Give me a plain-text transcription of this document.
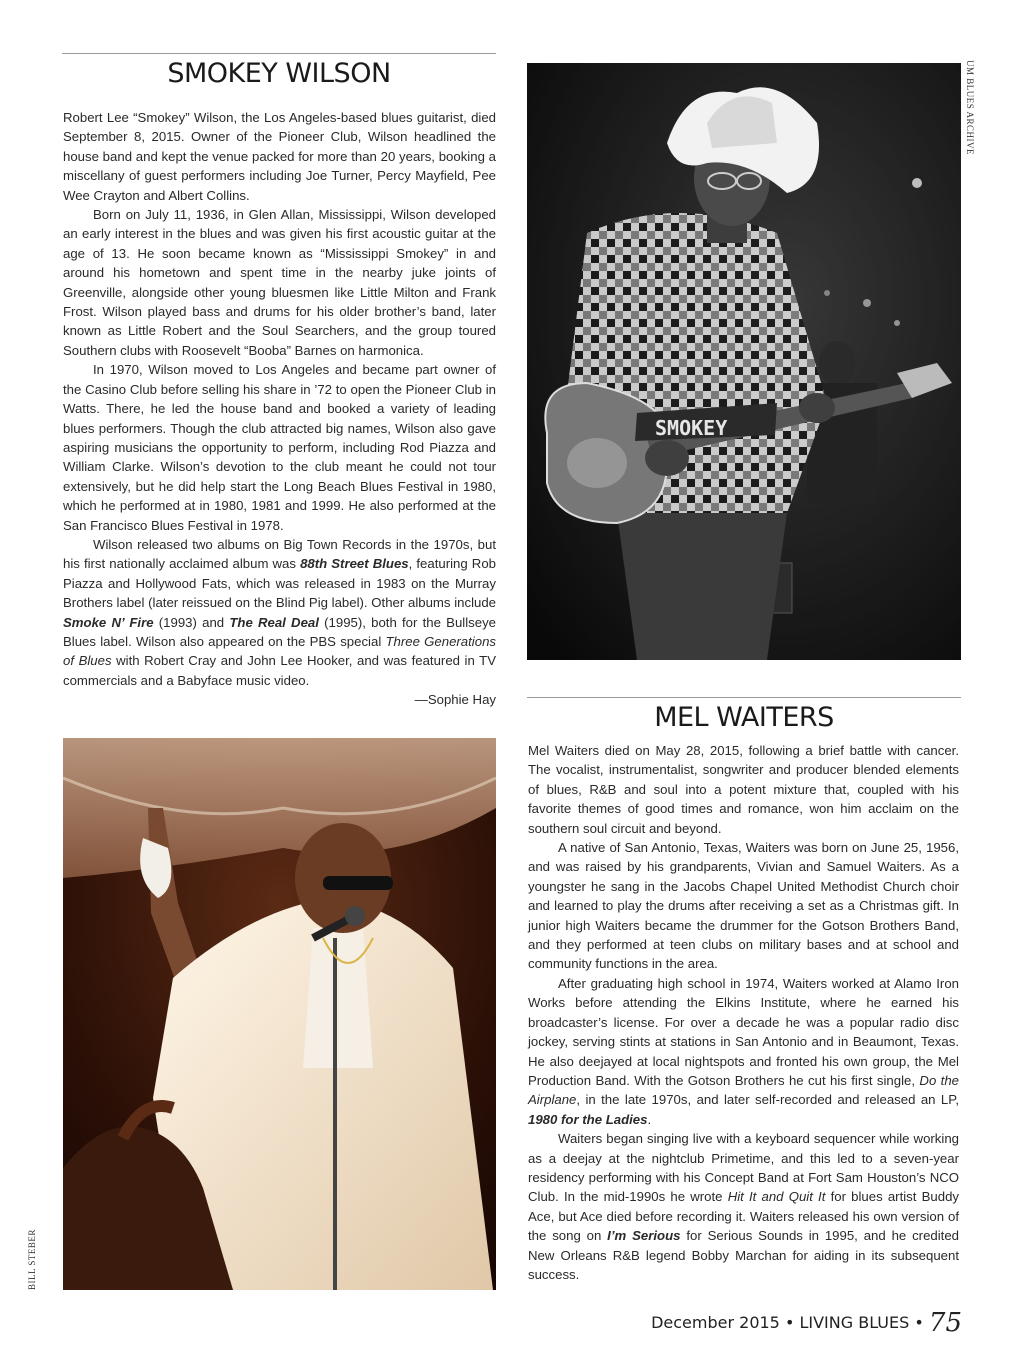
SMOKEY WILSON

Robert Lee “Smokey” Wilson, the Los Angeles-based blues guitarist, died September 8, 2015. Owner of the Pioneer Club, Wilson headlined the house band and kept the venue packed for more than 20 years, booking a miscellany of guest performers including Joe Turner, Percy Mayfield, Pee Wee Crayton and Albert Collins.

Born on July 11, 1936, in Glen Allan, Mississippi, Wilson developed an early interest in the blues and was given his first acoustic guitar at the age of 13. He soon became known as “Mississippi Smokey” in and around his hometown and spent time in the nearby juke joints of Greenville, alongside other young bluesmen like Little Milton and Frank Frost. Wilson played bass and drums for his older brother’s band, later known as Little Robert and the Soul Searchers, and the group toured Southern clubs with Roosevelt “Booba” Barnes on harmonica.

In 1970, Wilson moved to Los Angeles and became part owner of the Casino Club before selling his share in ’72 to open the Pioneer Club in Watts. There, he led the house band and booked a variety of leading blues performers. Though the club attracted big names, Wilson also gave aspiring musicians the opportunity to perform, including Rod Piazza and William Clarke. Wilson’s devotion to the club meant he could not tour extensively, but he did help start the Long Beach Blues Festival in 1980, which he performed at in 1980, 1981 and 1999. He also performed at the San Francisco Blues Festival in 1978.

Wilson released two albums on Big Town Records in the 1970s, but his first nationally acclaimed album was 88th Street Blues, featuring Rob Piazza and Hollywood Fats, which was released in 1983 on the Murray Brothers label (later reissued on the Blind Pig label). Other albums include Smoke N’ Fire (1993) and The Real Deal (1995), both for the Bullseye Blues label. Wilson also appeared on the PBS special Three Generations of Blues with Robert Cray and John Lee Hooker, and was featured in TV commercials and a Babyface music video.

—Sophie Hay

SMOKEY
UM BLUES ARCHIVE
BILL STEBER
MEL WAITERS

Mel Waiters died on May 28, 2015, following a brief battle with cancer. The vocalist, instrumentalist, songwriter and producer blended elements of blues, R&B and soul into a potent mixture that, coupled with his favorite themes of good times and romance, won him acclaim on the southern soul circuit and beyond.

A native of San Antonio, Texas, Waiters was born on June 25, 1956, and was raised by his grandparents, Vivian and Samuel Waiters. As a youngster he sang in the Jacobs Chapel United Methodist Church choir and learned to play the drums after receiving a set as a Christmas gift. In junior high Waiters became the drummer for the Gotson Brothers Band, and they performed at teen clubs on military bases and at school and community functions in the area.

After graduating high school in 1974, Waiters worked at Alamo Iron Works before attending the Elkins Institute, where he earned his broadcaster’s license. For over a decade he was a popular radio disc jockey, serving stints at stations in San Antonio and in Beaumont, Texas. He also deejayed at local nightspots and fronted his own group, the Mel Production Band. With the Gotson Brothers he cut his first single, Do the Airplane, in the late 1970s, and later self-recorded and released an LP, 1980 for the Ladies.

Waiters began singing live with a keyboard sequencer while working as a deejay at the nightclub Primetime, and this led to a seven-year residency performing with his Concept Band at Fort Sam Houston’s NCO Club. In the mid-1990s he wrote Hit It and Quit It for blues artist Buddy Ace, but Ace died before recording it. Waiters released his own version of the song on I’m Serious for Serious Sounds in 1995, and he credited New Orleans R&B legend Bobby Marchan for aiding in its subsequent success.

December 2015 • LIVING BLUES • 75
